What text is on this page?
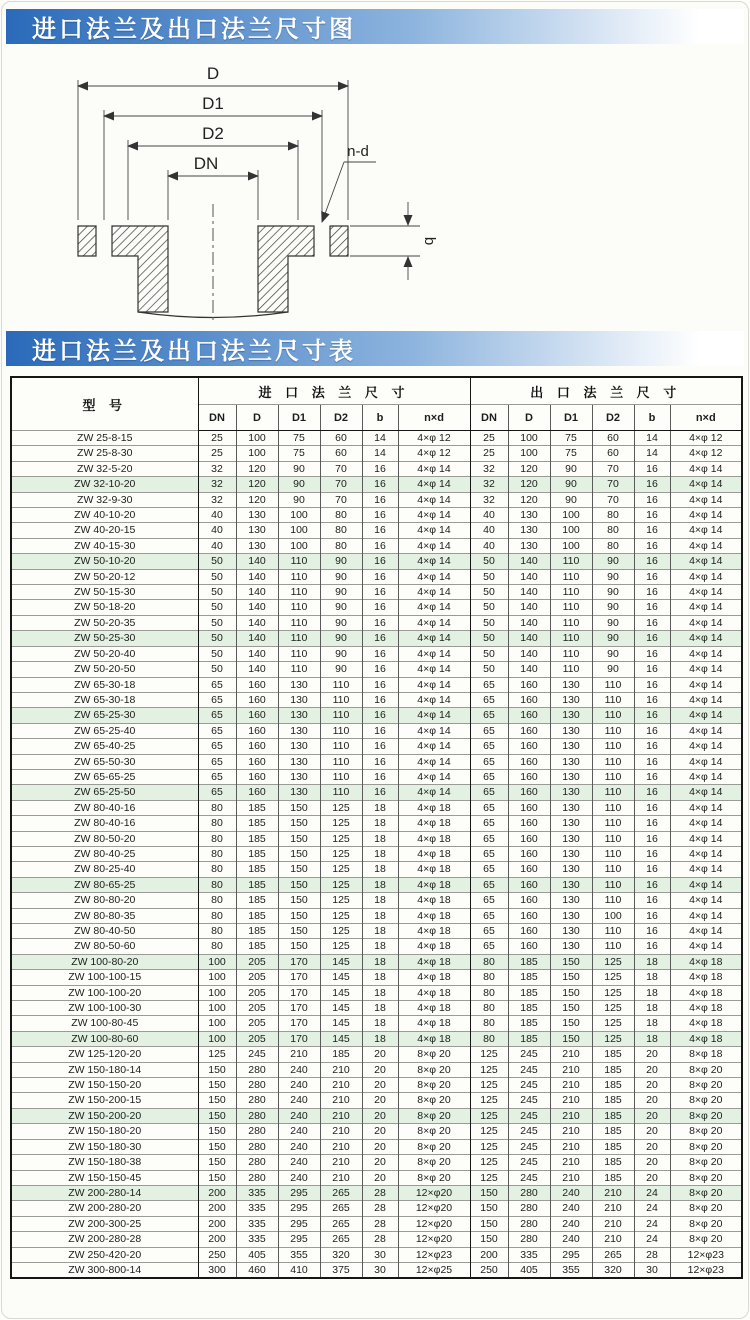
进口法兰及出口法兰尺寸图
D
D1
D2
DN
n-d
b
进口法兰及出口法兰尺寸表
型 号	进 口 法 兰 尺 寸						出 口 法 兰 尺 寸					
	DN	D	D1	D2	b	n×d	DN	D	D1	D2	b	n×d
ZW 25-8-15	25	100	75	60	14	4×φ 12	25	100	75	60	14	4×φ 12
ZW 25-8-30	25	100	75	60	14	4×φ 12	25	100	75	60	14	4×φ 12
ZW 32-5-20	32	120	90	70	16	4×φ 14	32	120	90	70	16	4×φ 14
ZW 32-10-20	32	120	90	70	16	4×φ 14	32	120	90	70	16	4×φ 14
ZW 32-9-30	32	120	90	70	16	4×φ 14	32	120	90	70	16	4×φ 14
ZW 40-10-20	40	130	100	80	16	4×φ 14	40	130	100	80	16	4×φ 14
ZW 40-20-15	40	130	100	80	16	4×φ 14	40	130	100	80	16	4×φ 14
ZW 40-15-30	40	130	100	80	16	4×φ 14	40	130	100	80	16	4×φ 14
ZW 50-10-20	50	140	110	90	16	4×φ 14	50	140	110	90	16	4×φ 14
ZW 50-20-12	50	140	110	90	16	4×φ 14	50	140	110	90	16	4×φ 14
ZW 50-15-30	50	140	110	90	16	4×φ 14	50	140	110	90	16	4×φ 14
ZW 50-18-20	50	140	110	90	16	4×φ 14	50	140	110	90	16	4×φ 14
ZW 50-20-35	50	140	110	90	16	4×φ 14	50	140	110	90	16	4×φ 14
ZW 50-25-30	50	140	110	90	16	4×φ 14	50	140	110	90	16	4×φ 14
ZW 50-20-40	50	140	110	90	16	4×φ 14	50	140	110	90	16	4×φ 14
ZW 50-20-50	50	140	110	90	16	4×φ 14	50	140	110	90	16	4×φ 14
ZW 65-30-18	65	160	130	110	16	4×φ 14	65	160	130	110	16	4×φ 14
ZW 65-30-18	65	160	130	110	16	4×φ 14	65	160	130	110	16	4×φ 14
ZW 65-25-30	65	160	130	110	16	4×φ 14	65	160	130	110	16	4×φ 14
ZW 65-25-40	65	160	130	110	16	4×φ 14	65	160	130	110	16	4×φ 14
ZW 65-40-25	65	160	130	110	16	4×φ 14	65	160	130	110	16	4×φ 14
ZW 65-50-30	65	160	130	110	16	4×φ 14	65	160	130	110	16	4×φ 14
ZW 65-65-25	65	160	130	110	16	4×φ 14	65	160	130	110	16	4×φ 14
ZW 65-25-50	65	160	130	110	16	4×φ 14	65	160	130	110	16	4×φ 14
ZW 80-40-16	80	185	150	125	18	4×φ 18	65	160	130	110	16	4×φ 14
ZW 80-40-16	80	185	150	125	18	4×φ 18	65	160	130	110	16	4×φ 14
ZW 80-50-20	80	185	150	125	18	4×φ 18	65	160	130	110	16	4×φ 14
ZW 80-40-25	80	185	150	125	18	4×φ 18	65	160	130	110	16	4×φ 14
ZW 80-25-40	80	185	150	125	18	4×φ 18	65	160	130	110	16	4×φ 14
ZW 80-65-25	80	185	150	125	18	4×φ 18	65	160	130	110	16	4×φ 14
ZW 80-80-20	80	185	150	125	18	4×φ 18	65	160	130	110	16	4×φ 14
ZW 80-80-35	80	185	150	125	18	4×φ 18	65	160	130	100	16	4×φ 14
ZW 80-40-50	80	185	150	125	18	4×φ 18	65	160	130	110	16	4×φ 14
ZW 80-50-60	80	185	150	125	18	4×φ 18	65	160	130	110	16	4×φ 14
ZW 100-80-20	100	205	170	145	18	4×φ 18	80	185	150	125	18	4×φ 18
ZW 100-100-15	100	205	170	145	18	4×φ 18	80	185	150	125	18	4×φ 18
ZW 100-100-20	100	205	170	145	18	4×φ 18	80	185	150	125	18	4×φ 18
ZW 100-100-30	100	205	170	145	18	4×φ 18	80	185	150	125	18	4×φ 18
ZW 100-80-45	100	205	170	145	18	4×φ 18	80	185	150	125	18	4×φ 18
ZW 100-80-60	100	205	170	145	18	4×φ 18	80	185	150	125	18	4×φ 18
ZW 125-120-20	125	245	210	185	20	8×φ 20	125	245	210	185	20	8×φ 18
ZW 150-180-14	150	280	240	210	20	8×φ 20	125	245	210	185	20	8×φ 20
ZW 150-150-20	150	280	240	210	20	8×φ 20	125	245	210	185	20	8×φ 20
ZW 150-200-15	150	280	240	210	20	8×φ 20	125	245	210	185	20	8×φ 20
ZW 150-200-20	150	280	240	210	20	8×φ 20	125	245	210	185	20	8×φ 20
ZW 150-180-20	150	280	240	210	20	8×φ 20	125	245	210	185	20	8×φ 20
ZW 150-180-30	150	280	240	210	20	8×φ 20	125	245	210	185	20	8×φ 20
ZW 150-180-38	150	280	240	210	20	8×φ 20	125	245	210	185	20	8×φ 20
ZW 150-150-45	150	280	240	210	20	8×φ 20	125	245	210	185	20	8×φ 20
ZW 200-280-14	200	335	295	265	28	12×φ20	150	280	240	210	24	8×φ 20
ZW 200-280-20	200	335	295	265	28	12×φ20	150	280	240	210	24	8×φ 20
ZW 200-300-25	200	335	295	265	28	12×φ20	150	280	240	210	24	8×φ 20
ZW 200-280-28	200	335	295	265	28	12×φ20	150	280	240	210	24	8×φ 20
ZW 250-420-20	250	405	355	320	30	12×φ23	200	335	295	265	28	12×φ23
ZW 300-800-14	300	460	410	375	30	12×φ25	250	405	355	320	30	12×φ23
